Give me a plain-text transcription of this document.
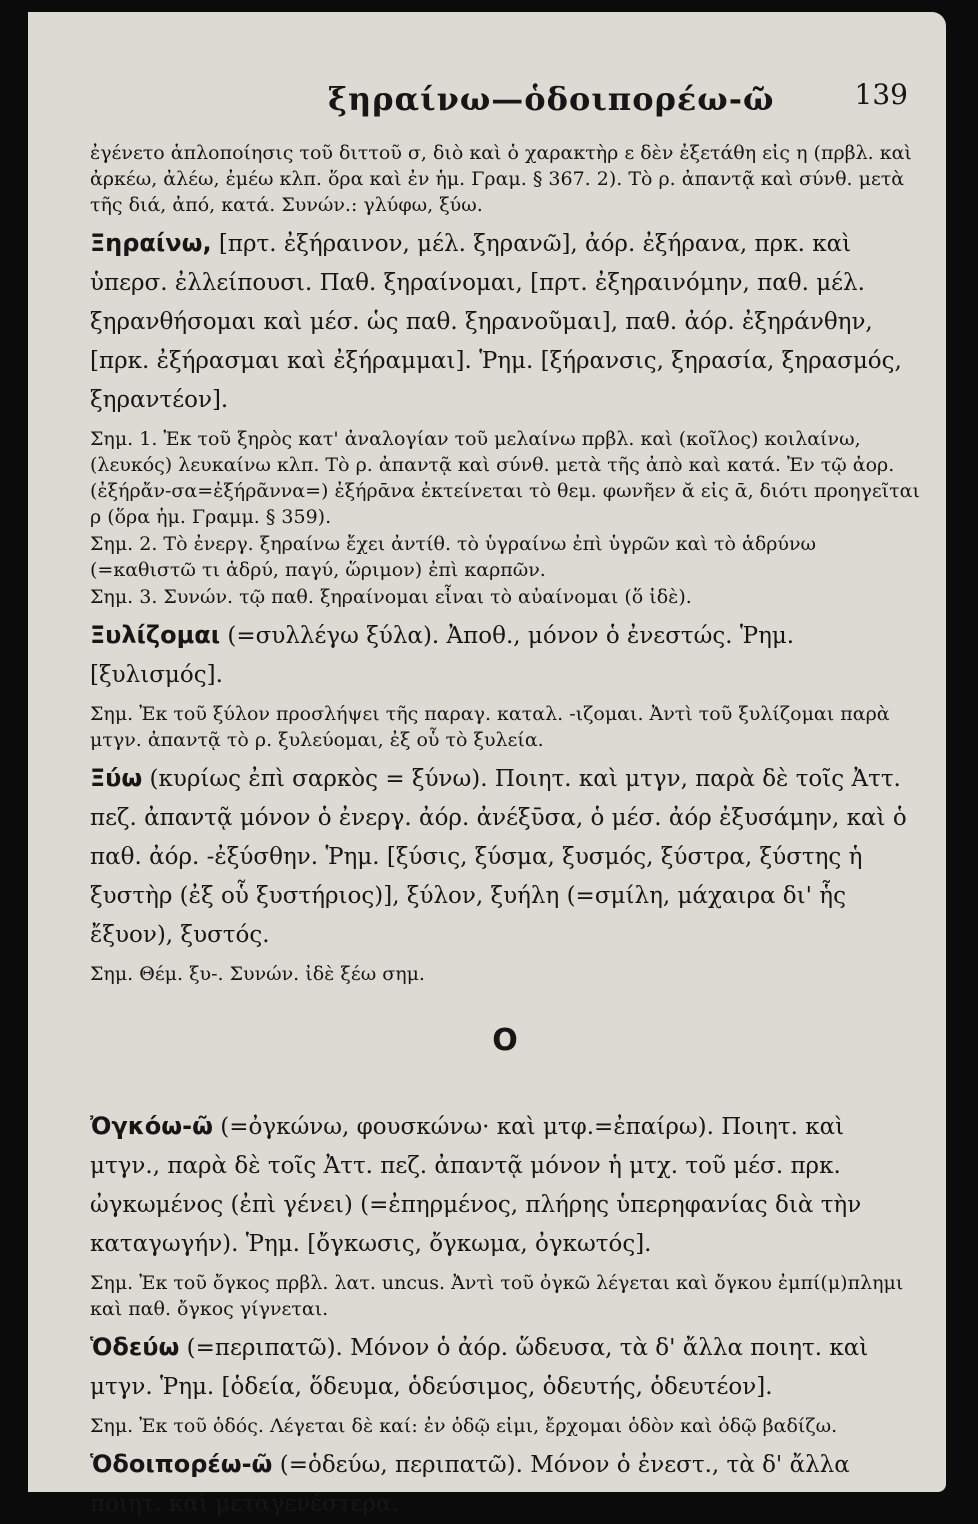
ξηραίνω—ὁδοιπορέω-ῶ	139

ἐγένετο ἁπλοποίησις τοῦ διττοῦ σ, διὸ καὶ ὁ χαρακτὴρ ε δὲν ἐξετάθη εἰς η (πρβλ. καὶ ἀρκέω, ἀλέω, ἐμέω κλπ. ὅρα καὶ ἐν ἡμ. Γραμ. § 367. 2). Τὸ ρ. ἀπαντᾷ καὶ σύνθ. μετὰ τῆς διά, ἀπό, κατά. Συνών.: γλύφω, ξύω.

Ξηραίνω, [πρτ. ἐξήραινον, μέλ. ξηρανῶ], ἀόρ. ἐξήρανα, πρκ. καὶ ὑπερσ. ἐλλείπουσι. Παθ. ξηραίνομαι, [πρτ. ἐξηραινόμην, παθ. μέλ. ξηρανθήσομαι καὶ μέσ. ὡς παθ. ξηρανοῦμαι], παθ. ἀόρ. ἐξηράνθην, [πρκ. ἐξήρασμαι καὶ ἐξήραμμαι]. Ῥημ. [ξήρανσις, ξηρασία, ξηρασμός, ξηραντέον].

Σημ. 1. Ἐκ τοῦ ξηρὸς κατ' ἀναλογίαν τοῦ μελαίνω πρβλ. καὶ (κοῖλος) κοιλαίνω, (λευκός) λευκαίνω κλπ. Τὸ ρ. ἀπαντᾷ καὶ σύνθ. μετὰ τῆς ἀπὸ καὶ κατά. Ἐν τῷ ἀορ. (ἐξήρἄν-σα=ἐξήρᾶννα=) ἐξήρᾱνα ἐκτείνεται τὸ θεμ. φωνῆεν ᾰ εἰς ᾱ, διότι προηγεῖται ρ (ὅρα ἡμ. Γραμμ. § 359).

Σημ. 2. Τὸ ἐνεργ. ξηραίνω ἔχει ἀντίθ. τὸ ὑγραίνω ἐπὶ ὑγρῶν καὶ τὸ ἁδρύνω (=καθιστῶ τι ἁδρύ, παγύ, ὥριμον) ἐπὶ καρπῶν.

Σημ. 3. Συνών. τῷ παθ. ξηραίνομαι εἶναι τὸ αὐαίνομαι (ὅ ἰδὲ).

Ξυλίζομαι (=συλλέγω ξύλα). Ἀποθ., μόνον ὁ ἐνεστώς. Ῥημ. [ξυλισμός].

Σημ. Ἐκ τοῦ ξύλον προσλήψει τῆς παραγ. καταλ. -ιζομαι. Ἀντὶ τοῦ ξυλίζομαι παρὰ μτγν. ἀπαντᾷ τὸ ρ. ξυλεύομαι, ἐξ οὗ τὸ ξυλεία.

Ξύω (κυρίως ἐπὶ σαρκὸς = ξύνω). Ποιητ. καὶ μτγν, παρὰ δὲ τοῖς Ἀττ. πεζ. ἀπαντᾷ μόνον ὁ ἐνεργ. ἀόρ. ἀνέξῡσα, ὁ μέσ. ἀόρ ἐξυσάμην, καὶ ὁ παθ. ἀόρ. -ἐξύσθην. Ῥημ. [ξύσις, ξύσμα, ξυσμός, ξύστρα, ξύστης ἡ ξυστὴρ (ἐξ οὗ ξυστήριος)], ξύλον, ξυήλη (=σμίλη, μάχαιρα δι' ἧς ἔξυον), ξυστός.

Σημ. Θέμ. ξυ-. Συνών. ἰδὲ ξέω σημ.

Ο

Ὀγκόω-ῶ (=ὀγκώνω, φουσκώνω· καὶ μτφ.=ἐπαίρω). Ποιητ. καὶ μτγν., παρὰ δὲ τοῖς Ἀττ. πεζ. ἀπαντᾷ μόνον ἡ μτχ. τοῦ μέσ. πρκ. ὠγκωμένος (ἐπὶ γένει) (=ἐπηρμένος, πλήρης ὑπερηφανίας διὰ τὴν καταγωγήν). Ῥημ. [ὄγκωσις, ὄγκωμα, ὀγκωτός].

Σημ. Ἐκ τοῦ ὄγκος πρβλ. λατ. uncus. Ἀντὶ τοῦ ὀγκῶ λέγεται καὶ ὄγκου ἐμπί(μ)πλημι καὶ παθ. ὄγκος γίγνεται.

Ὁδεύω (=περιπατῶ). Μόνον ὁ ἀόρ. ὥδευσα, τὰ δ' ἄλλα ποιητ. καὶ μτγν. Ῥημ. [ὁδεία, ὅδευμα, ὁδεύσιμος, ὁδευτής, ὁδευτέον].

Σημ. Ἐκ τοῦ ὁδός. Λέγεται δὲ καί: ἐν ὁδῷ εἰμι, ἔρχομαι ὁδὸν καὶ ὁδῷ βαδίζω.

Ὁδοιπορέω-ῶ (=ὁδεύω, περιπατῶ). Μόνον ὁ ἐνεστ., τὰ δ' ἄλλα ποιητ. καὶ μεταγενέστερα.
